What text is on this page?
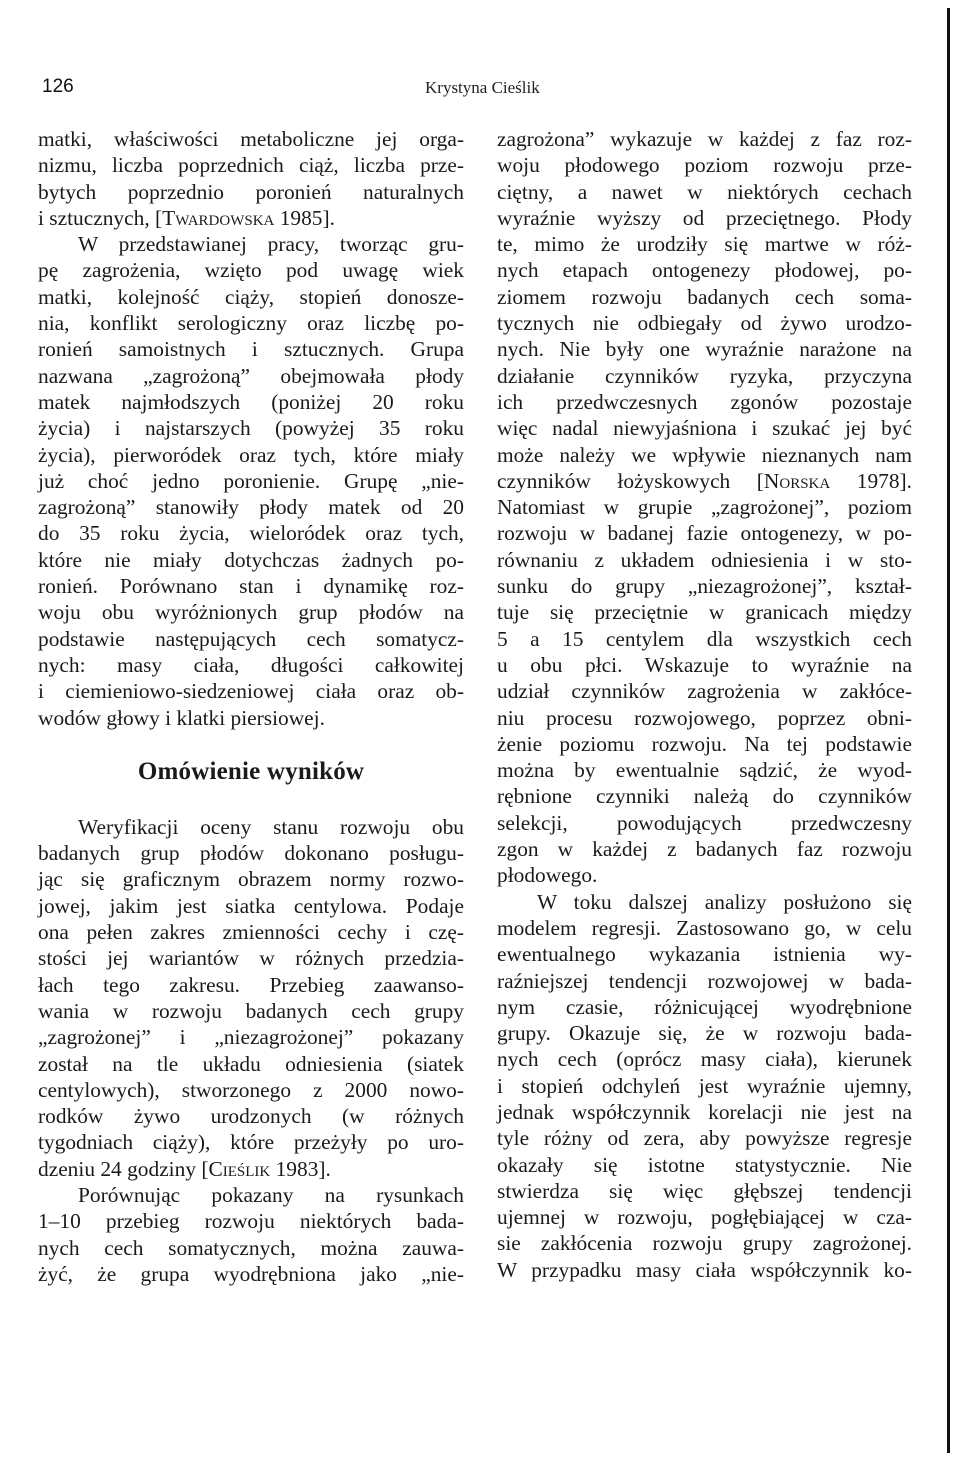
126	Krystyna Cieślik
matki, właściwości metaboliczne jej orga-
nizmu, liczba poprzednich ciąż, liczba prze-
bytych poprzednio poronień naturalnych
i sztucznych, [Twardowska 1985].
W przedstawianej pracy, tworząc gru-
pę zagrożenia, wzięto pod uwagę wiek
matki, kolejność ciąży, stopień donosze-
nia, konflikt serologiczny oraz liczbę po-
ronień samoistnych i sztucznych. Grupa
nazwana „zagrożoną” obejmowała płody
matek najmłodszych (poniżej 20 roku
życia) i najstarszych (powyżej 35 roku
życia), pierworódek oraz tych, które miały
już choć jedno poronienie. Grupę „nie-
zagrożoną” stanowiły płody matek od 20
do 35 roku życia, wieloródek oraz tych,
które nie miały dotychczas żadnych po-
ronień. Porównano stan i dynamikę roz-
woju obu wyróżnionych grup płodów na
podstawie następujących cech somatycz-
nych: masy ciała, długości całkowitej
i ciemieniowo-siedzeniowej ciała oraz ob-
wodów głowy i klatki piersiowej.
Omówienie wyników
Weryfikacji oceny stanu rozwoju obu
badanych grup płodów dokonano posługu-
jąc się graficznym obrazem normy rozwo-
jowej, jakim jest siatka centylowa. Podaje
ona pełen zakres zmienności cechy i czę-
stości jej wariantów w różnych przedzia-
łach tego zakresu. Przebieg zaawanso-
wania w rozwoju badanych cech grupy
„zagrożonej” i „niezagrożonej” pokazany
został na tle układu odniesienia (siatek
centylowych), stworzonego z 2000 nowo-
rodków żywo urodzonych (w różnych
tygodniach ciąży), które przeżyły po uro-
dzeniu 24 godziny [Cieślik 1983].
Porównując pokazany na rysunkach
1–10 przebieg rozwoju niektórych bada-
nych cech somatycznych, można zauwa-
żyć, że grupa wyodrębniona jako „nie-
zagrożona” wykazuje w każdej z faz roz-
woju płodowego poziom rozwoju prze-
ciętny, a nawet w niektórych cechach
wyraźnie wyższy od przeciętnego. Płody
te, mimo że urodziły się martwe w róż-
nych etapach ontogenezy płodowej, po-
ziomem rozwoju badanych cech soma-
tycznych nie odbiegały od żywo urodzo-
nych. Nie były one wyraźnie narażone na
działanie czynników ryzyka, przyczyna
ich przedwczesnych zgonów pozostaje
więc nadal niewyjaśniona i szukać jej być
może należy we wpływie nieznanych nam
czynników łożyskowych [Norska 1978].
Natomiast w grupie „zagrożonej”, poziom
rozwoju w badanej fazie ontogenezy, w po-
równaniu z układem odniesienia i w sto-
sunku do grupy „niezagrożonej”, kształ-
tuje się przeciętnie w granicach między
5 a 15 centylem dla wszystkich cech
u obu płci. Wskazuje to wyraźnie na
udział czynników zagrożenia w zakłóce-
niu procesu rozwojowego, poprzez obni-
żenie poziomu rozwoju. Na tej podstawie
można by ewentualnie sądzić, że wyod-
rębnione czynniki należą do czynników
selekcji, powodujących przedwczesny
zgon w każdej z badanych faz rozwoju
płodowego.
W toku dalszej analizy posłużono się
modelem regresji. Zastosowano go, w celu
ewentualnego wykazania istnienia wy-
raźniejszej tendencji rozwojowej w bada-
nym czasie, różnicującej wyodrębnione
grupy. Okazuje się, że w rozwoju bada-
nych cech (oprócz masy ciała), kierunek
i stopień odchyleń jest wyraźnie ujemny,
jednak współczynnik korelacji nie jest na
tyle różny od zera, aby powyższe regresje
okazały się istotne statystycznie. Nie
stwierdza się więc głębszej tendencji
ujemnej w rozwoju, pogłębiającej w cza-
sie zakłócenia rozwoju grupy zagrożonej.
W przypadku masy ciała współczynnik ko-
